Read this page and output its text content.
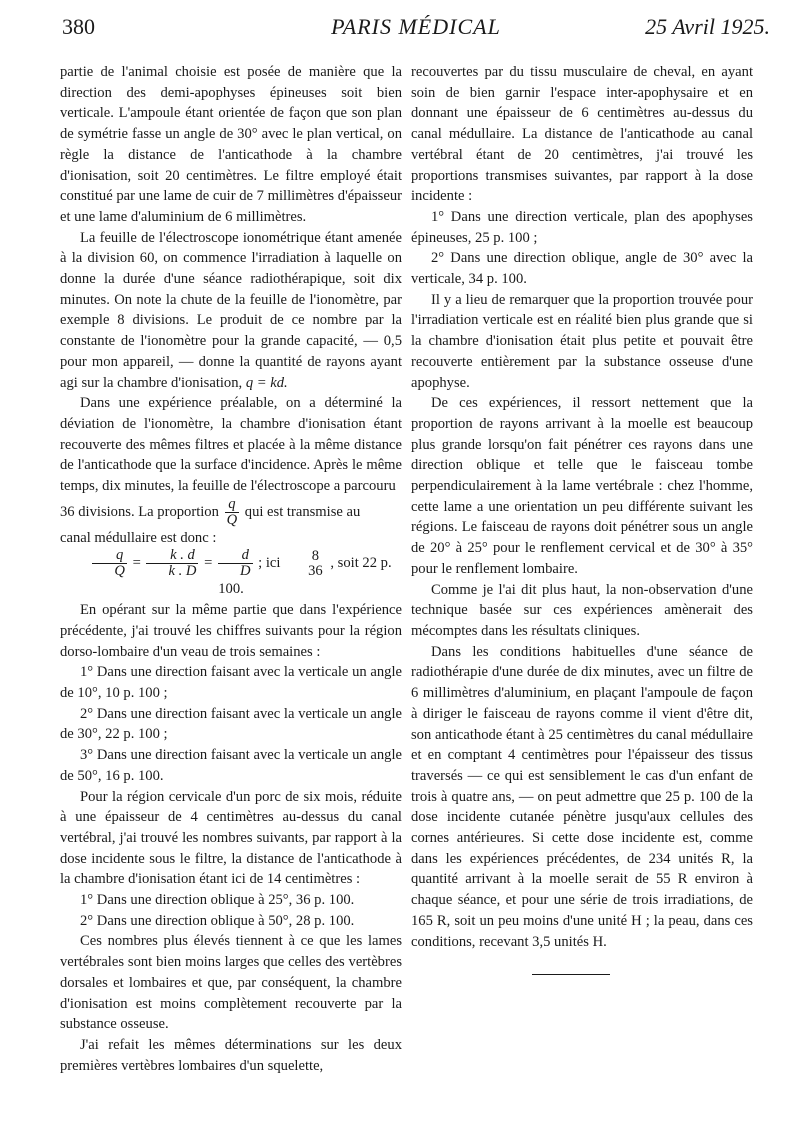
380	PARIS MÉDICAL	25 Avril 1925.

partie de l'animal choisie est posée de manière que la direction des demi-apophyses épineuses soit bien verticale. L'ampoule étant orientée de façon que son plan de symétrie fasse un angle de 30° avec le plan vertical, on règle la distance de l'anticathode à la chambre d'ionisation, soit 20 centimètres. Le filtre employé était constitué par une lame de cuir de 7 millimètres d'épaisseur et une lame d'aluminium de 6 millimètres.

La feuille de l'électroscope ionométrique étant amenée à la division 60, on commence l'irradiation à laquelle on donne la durée d'une séance radiothérapique, soit dix minutes. On note la chute de la feuille de l'ionomètre, par exemple 8 divisions. Le produit de ce nombre par la constante de l'ionomètre pour la grande capacité, — 0,5 pour mon appareil, — donne la quantité de rayons ayant agi sur la chambre d'ionisation, q = kd.

Dans une expérience préalable, on a déterminé la déviation de l'ionomètre, la chambre d'ionisation étant recouverte des mêmes filtres et placée à la même distance de l'anticathode que la surface d'incidence. Après le même temps, dix minutes, la feuille de l'électroscope a parcouru

36 divisions. La proportion $\frac{q}{Q}$ qui est transmise au

canal médullaire est donc :

$\frac{q}{Q} = \frac{k . d}{k . D} = \frac{d}{D}$ ; ici	8
36 , soit 22 p. 100.

En opérant sur la même partie que dans l'expérience précédente, j'ai trouvé les chiffres suivants pour la région dorso-lombaire d'un veau de trois semaines :

1° Dans une direction faisant avec la verticale un angle de 10°, 10 p. 100 ;

2° Dans une direction faisant avec la verticale un angle de 30°, 22 p. 100 ;

3° Dans une direction faisant avec la verticale un angle de 50°, 16 p. 100.

Pour la région cervicale d'un porc de six mois, réduite à une épaisseur de 4 centimètres au-dessus du canal vertébral, j'ai trouvé les nombres suivants, par rapport à la dose incidente sous le filtre, la distance de l'anticathode à la chambre d'ionisation étant ici de 14 centimètres :

1° Dans une direction oblique à 25°, 36 p. 100.

2° Dans une direction oblique à 50°, 28 p. 100.

Ces nombres plus élevés tiennent à ce que les lames vertébrales sont bien moins larges que celles des vertèbres dorsales et lombaires et que, par conséquent, la chambre d'ionisation est moins complètement recouverte par la substance osseuse.

J'ai refait les mêmes déterminations sur les deux premières vertèbres lombaires d'un squelette,

recouvertes par du tissu musculaire de cheval, en ayant soin de bien garnir l'espace inter-apophysaire et en donnant une épaisseur de 6 centimètres au-dessus du canal médullaire. La distance de l'anticathode au canal vertébral étant de 20 centimètres, j'ai trouvé les proportions transmises suivantes, par rapport à la dose incidente :

1° Dans une direction verticale, plan des apophyses épineuses, 25 p. 100 ;

2° Dans une direction oblique, angle de 30° avec la verticale, 34 p. 100.

Il y a lieu de remarquer que la proportion trouvée pour l'irradiation verticale est en réalité bien plus grande que si la chambre d'ionisation était plus petite et pouvait être recouverte entièrement par la substance osseuse d'une apophyse.

De ces expériences, il ressort nettement que la proportion de rayons arrivant à la moelle est beaucoup plus grande lorsqu'on fait pénétrer ces rayons dans une direction oblique et telle que le faisceau tombe perpendiculairement à la lame vertébrale : chez l'homme, cette lame a une orientation un peu différente suivant les régions. Le faisceau de rayons doit pénétrer sous un angle de 20° à 25° pour le renflement cervical et de 30° à 35° pour le renflement lombaire.

Comme je l'ai dit plus haut, la non-observation d'une technique basée sur ces expériences amènerait des mécomptes dans les résultats cliniques.

Dans les conditions habituelles d'une séance de radiothérapie d'une durée de dix minutes, avec un filtre de 6 millimètres d'aluminium, en plaçant l'ampoule de façon à diriger le faisceau de rayons comme il vient d'être dit, son anticathode étant à 25 centimètres du canal médullaire et en comptant 4 centimètres pour l'épaisseur des tissus traversés — ce qui est sensiblement le cas d'un enfant de trois à quatre ans, — on peut admettre que 25 p. 100 de la dose incidente cutanée pénètre jusqu'aux cellules des cornes antérieures. Si cette dose incidente est, comme dans les expériences précédentes, de 234 unités R, la quantité arrivant à la moelle serait de 55 R environ à chaque séance, et pour une série de trois irradiations, de 165 R, soit un peu moins d'une unité H ; la peau, dans ces conditions, recevant 3,5 unités H.
